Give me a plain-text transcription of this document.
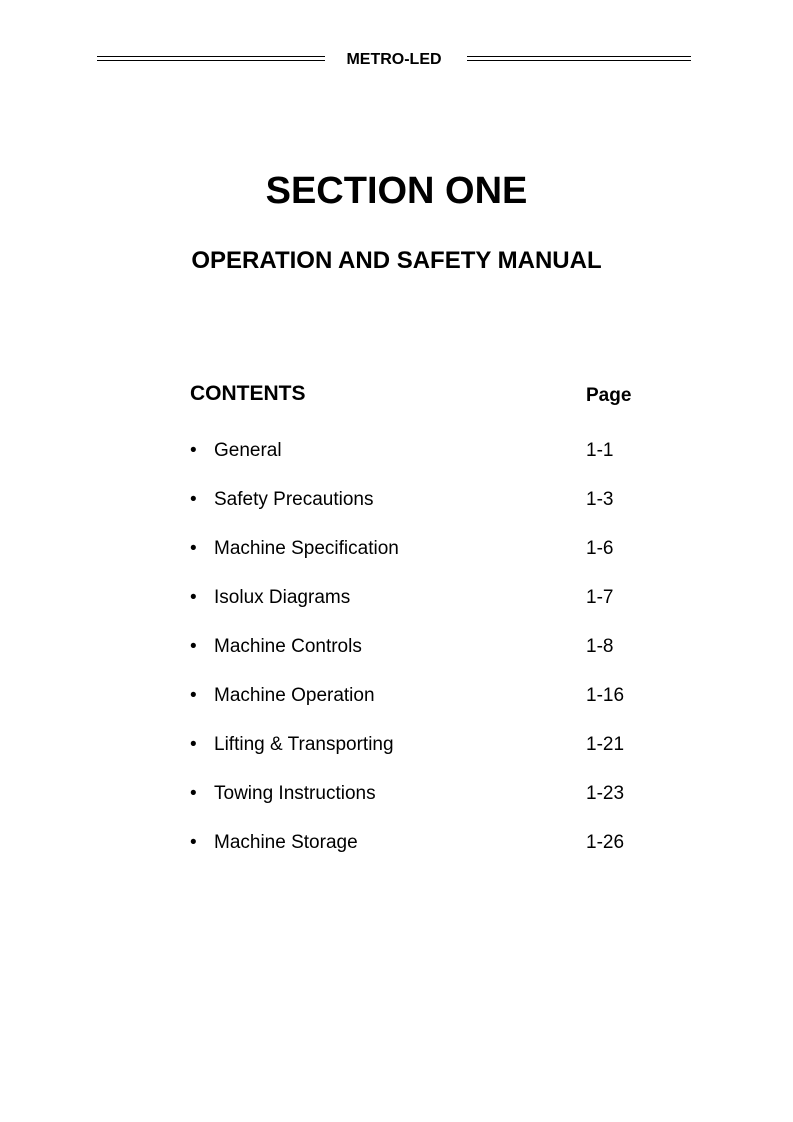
METRO-LED
SECTION ONE
OPERATION AND SAFETY MANUAL
CONTENTS	Page
• General	1-1
• Safety Precautions	1-3
• Machine Specification	1-6
• Isolux Diagrams	1-7
• Machine Controls	1-8
• Machine Operation	1-16
• Lifting & Transporting	1-21
• Towing Instructions	1-23
• Machine Storage	1-26
